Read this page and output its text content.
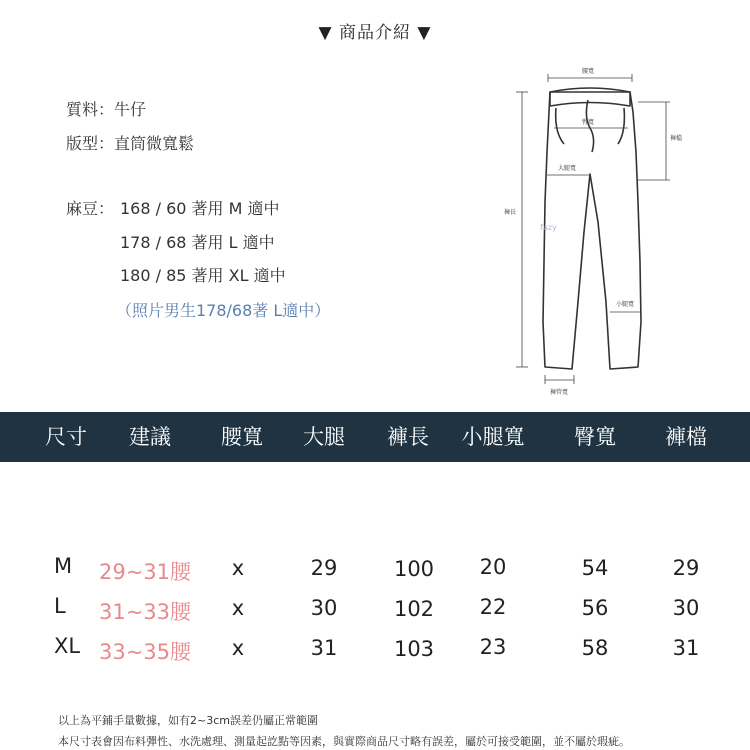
▼ 商品介紹 ▼
質料：牛仔
版型：直筒微寬鬆
麻豆： 168 / 60 著用 M 適中
178 / 68 著用 L 適中
180 / 85 著用 XL 適中
（照片男生178/68著 L適中）
腰寬
臀寬
褲檔
大腿寬
褲長
小腿寬
褲管寬
fuzy
尺寸 建議 腰寬 大腿 褲長 小腿寬 臀寬 褲檔
M 29~31腰 x	29	100 20	54	29
L 31~33腰 x	30	102 22	56	30
XL 33~35腰 x	31	103 23	58	31
以上為平鋪手量數據，如有2~3cm誤差仍屬正常範圍
本尺寸表會因布料彈性、水洗處理、測量起訖點等因素，與實際商品尺寸略有誤差，屬於可接受範圍，並不屬於瑕疵。
